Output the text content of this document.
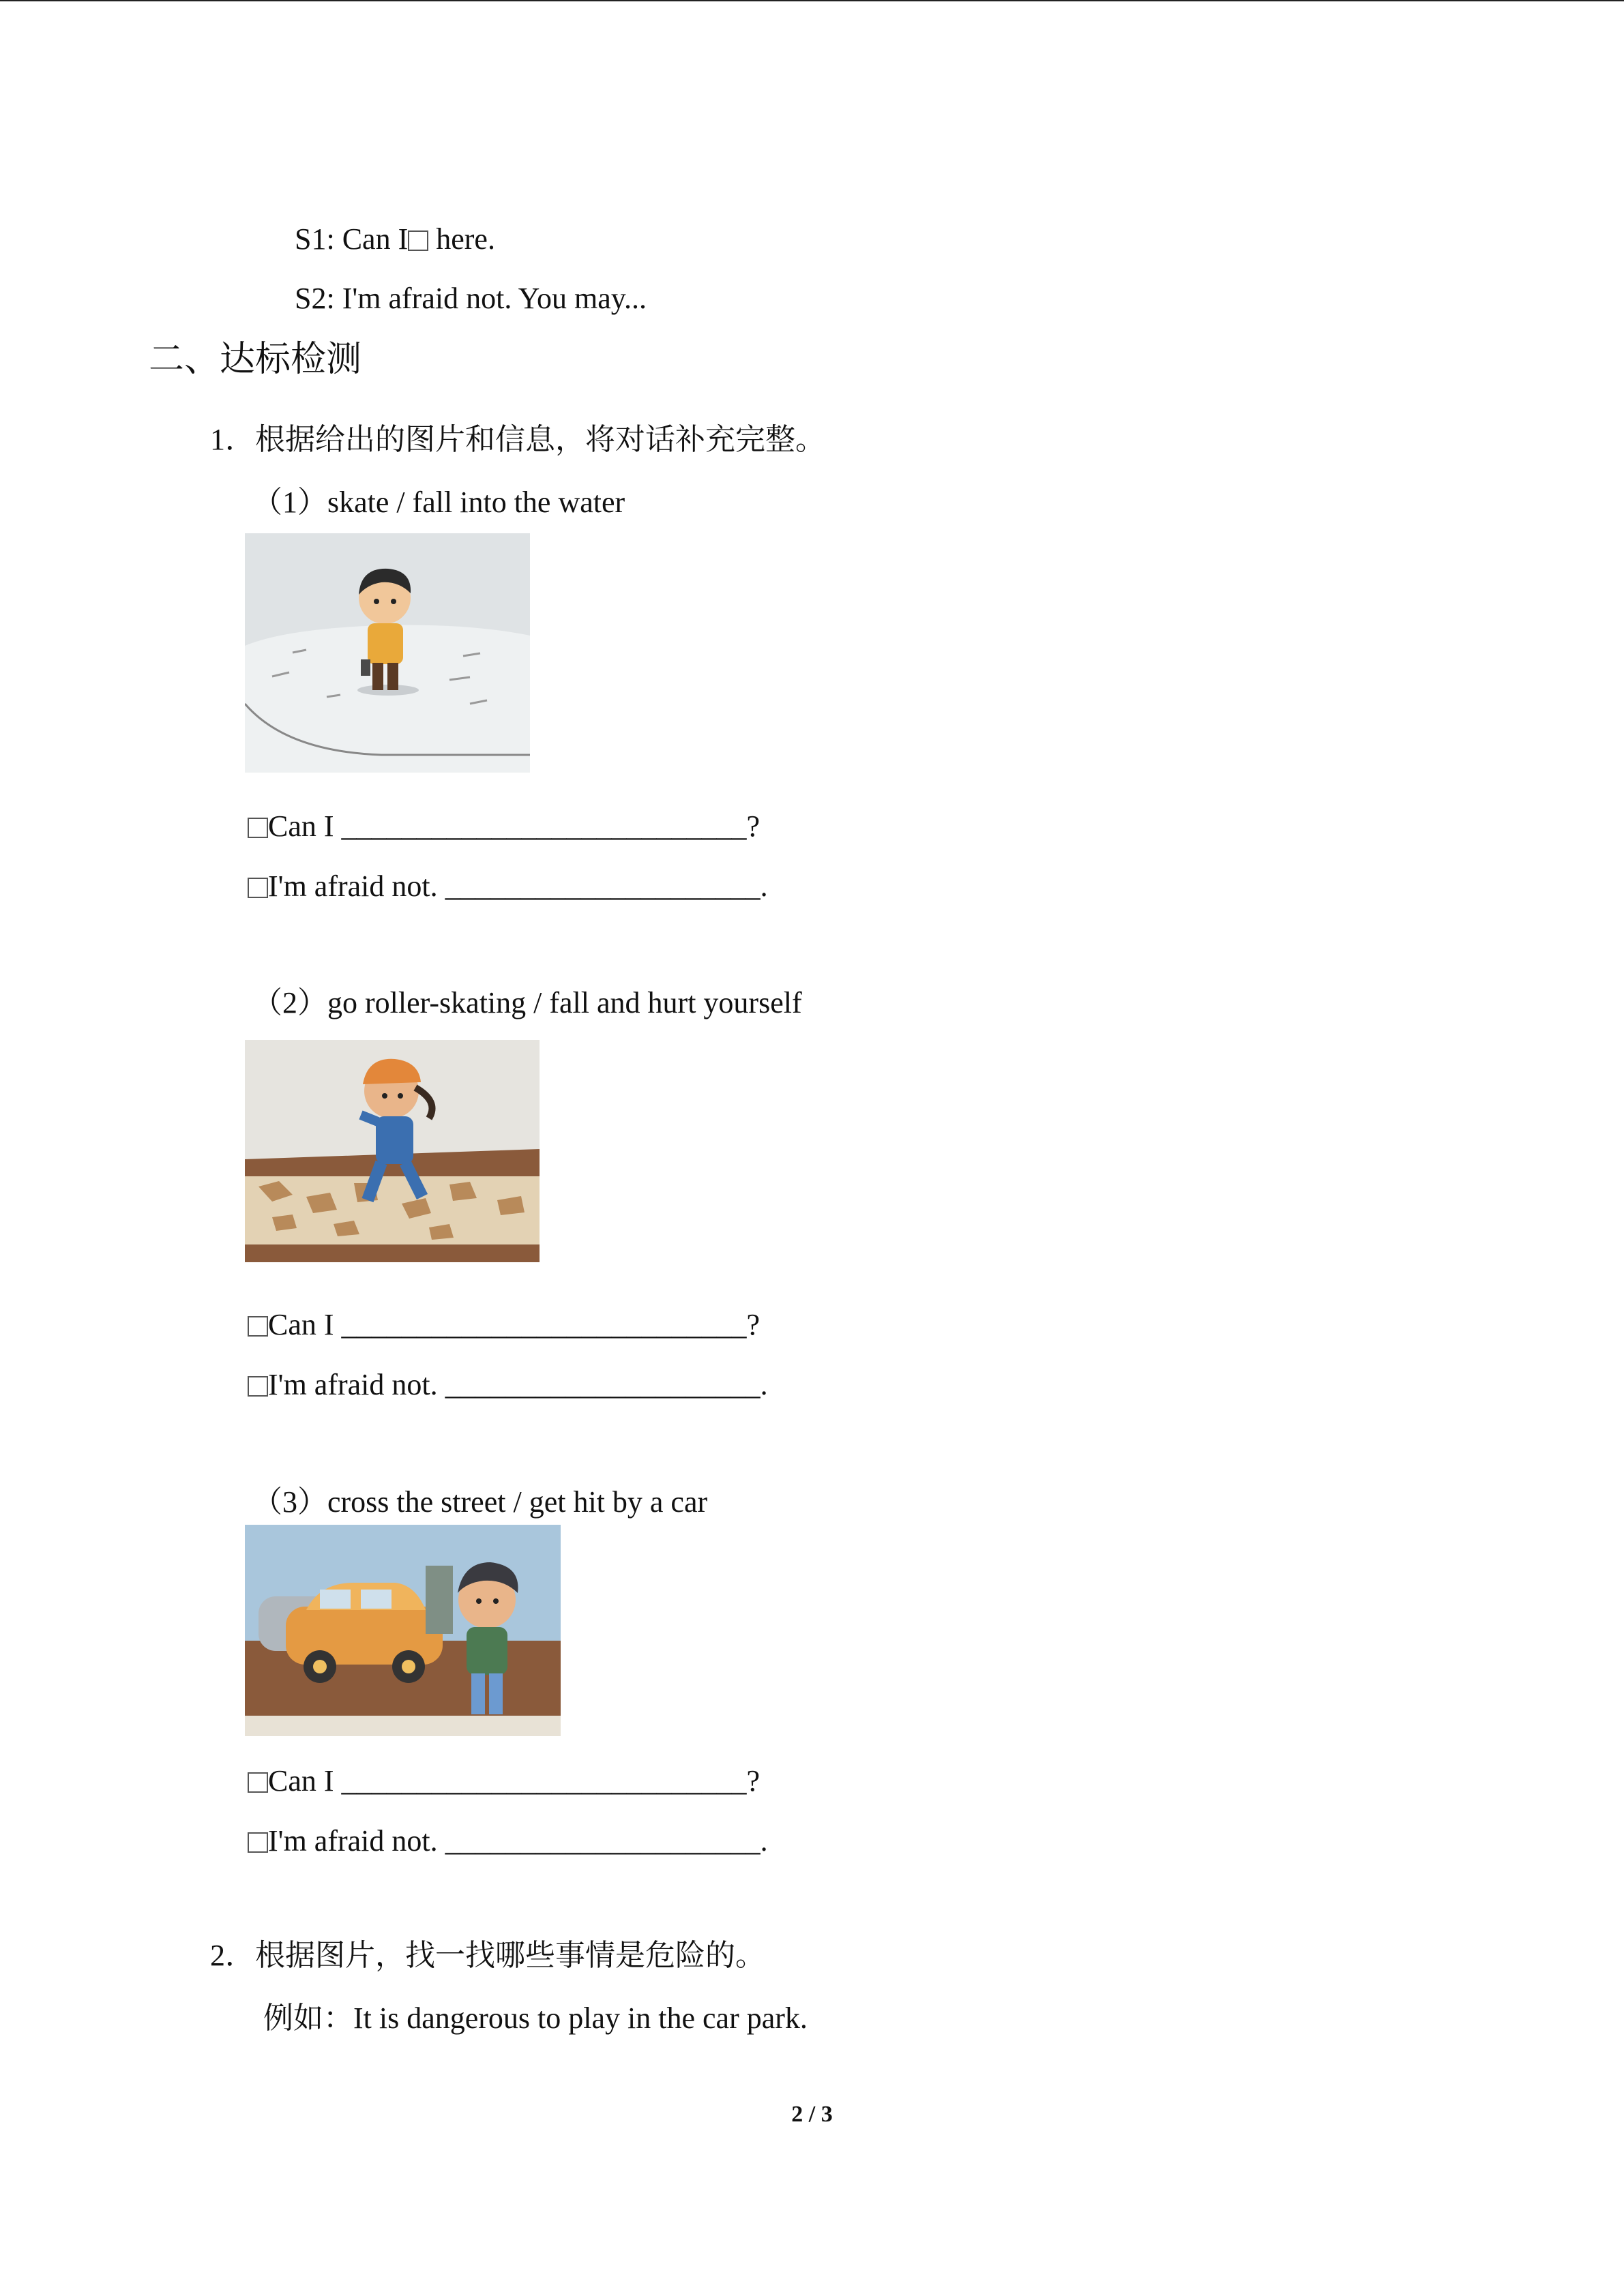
S1: Can I here.
S2: I'm afraid not. You may...
二、达标检测
1．根据给出的图片和信息，将对话补充完整。
（1）skate / fall into the water
Can I ___________________________?
I'm afraid not. _____________________.
（2）go roller-skating / fall and hurt yourself
Can I ___________________________?
I'm afraid not. _____________________.
（3）cross the street / get hit by a car
Can I ___________________________?
I'm afraid not. _____________________.
2．根据图片，找一找哪些事情是危险的。
例如：It is dangerous to play in the car park.
2 / 3
